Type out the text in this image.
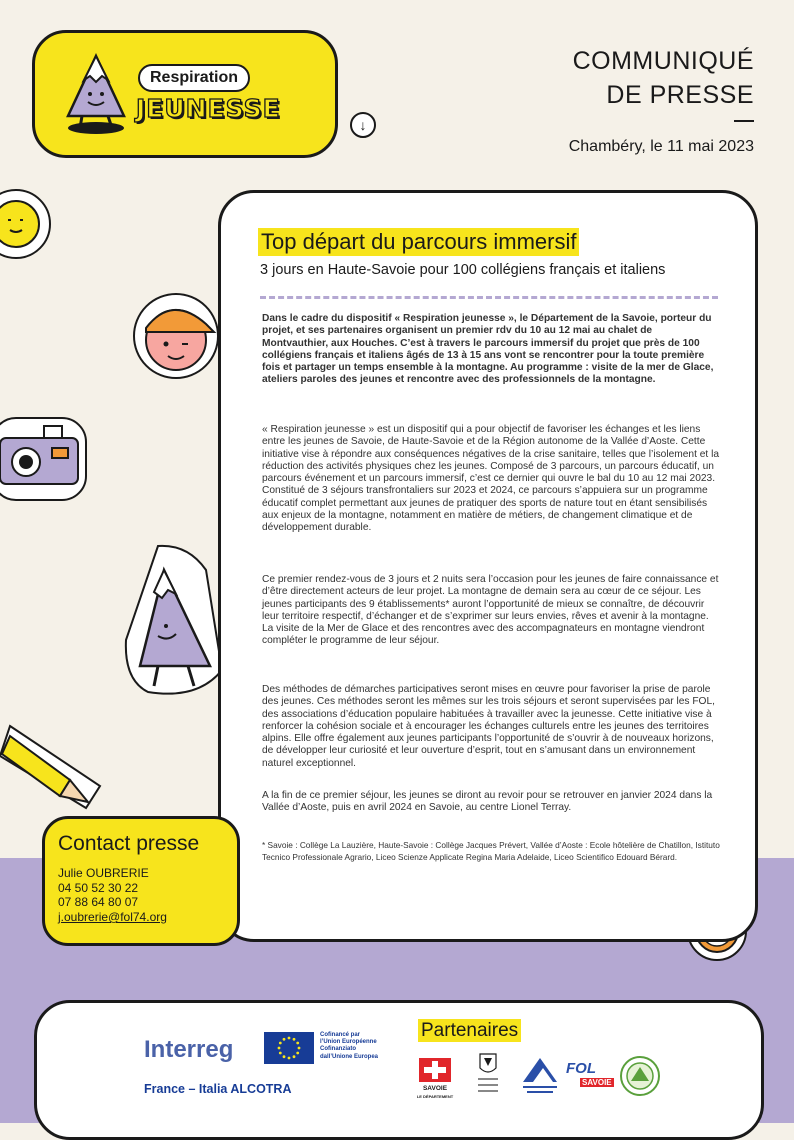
Respiration
JEUNESSE
↓
COMMUNIQUÉ
DE PRESSE
Chambéry, le 11 mai 2023
Top départ du parcours immersif
3 jours en Haute-Savoie pour 100 collégiens français et italiens
Dans le cadre du dispositif « Respiration jeunesse », le Département de la Savoie, porteur du projet, et ses partenaires organisent un premier rdv du 10 au 12 mai au chalet de Montvauthier, aux Houches. C’est à travers le parcours immersif du projet que près de 100 collégiens français et italiens âgés de 13 à 15 ans vont se rencontrer pour la toute première fois et partager un temps ensemble à la montagne. Au programme : visite de la mer de Glace, ateliers paroles des jeunes et rencontre avec des professionnels de la montagne.
« Respiration jeunesse » est un dispositif qui a pour objectif de favoriser les échanges et les liens entre les jeunes de Savoie, de Haute-Savoie et de la Région autonome de la Vallée d’Aoste. Cette initiative vise à répondre aux conséquences négatives de la crise sanitaire, telles que l’isolement et la réduction des activités physiques chez les jeunes. Composé de 3 parcours, un parcours éducatif, un parcours événement et un parcours immersif, c’est ce dernier qui ouvre le bal du 10 au 12 mai 2023. Constitué de 3 séjours transfrontaliers sur 2023 et 2024, ce parcours s’appuiera sur un programme éducatif complet permettant aux jeunes de pratiquer des sports de nature tout en étant sensibilisés aux enjeux de la montagne, notamment en matière de métiers, de changement climatique et de développement durable.
Ce premier rendez-vous de 3 jours et 2 nuits sera l’occasion pour les jeunes de faire connaissance et d’être directement acteurs de leur projet. La montagne de demain sera au cœur de ce séjour. Les jeunes participants des 9 établissements* auront l’opportunité de mieux se connaître, de découvrir leur territoire respectif, d’échanger et de s’exprimer sur leurs envies, rêves et avenir à la montagne. La visite de la Mer de Glace et des rencontres avec des accompagnateurs en montagne viendront compléter le programme de leur séjour.
Des méthodes de démarches participatives seront mises en œuvre pour favoriser la prise de parole des jeunes. Ces méthodes seront les mêmes sur les trois séjours et seront supervisées par les FOL, des associations d’éducation populaire habituées à travailler avec la jeunesse. Cette initiative vise à renforcer la cohésion sociale et à encourager les échanges culturels entre les jeunes des territoires alpins. Elle offre également aux jeunes participants l’opportunité de s’ouvrir à de nouveaux horizons, de développer leur curiosité et leur ouverture d’esprit, tout en s’amusant dans un environnement naturel exceptionnel.
A la fin de ce premier séjour, les jeunes se diront au revoir pour se retrouver en janvier 2024 dans la Vallée d’Aoste, puis en avril 2024 en Savoie, au centre Lionel Terray.
* Savoie : Collège La Lauzière, Haute-Savoie : Collège Jacques Prévert, Vallée d’Aoste : Ecole hôtelière de Chatillon, Istituto Tecnico Professionale Agrario, Liceo Scienze Applicate Regina Maria Adelaide, Liceo Scientifico Edouard Bérard.
Contact presse
Julie OUBRERIE
04 50 52 30 22
07 88 64 80 07
j.oubrerie@fol74.org
Interreg
Cofinancé par l’Union Européenne
Cofinanziato dall’Unione Europea
France – Italia ALCOTRA
Partenaires
SAVOIE
LE DÉPARTEMENT
FOL
SAVOIE
